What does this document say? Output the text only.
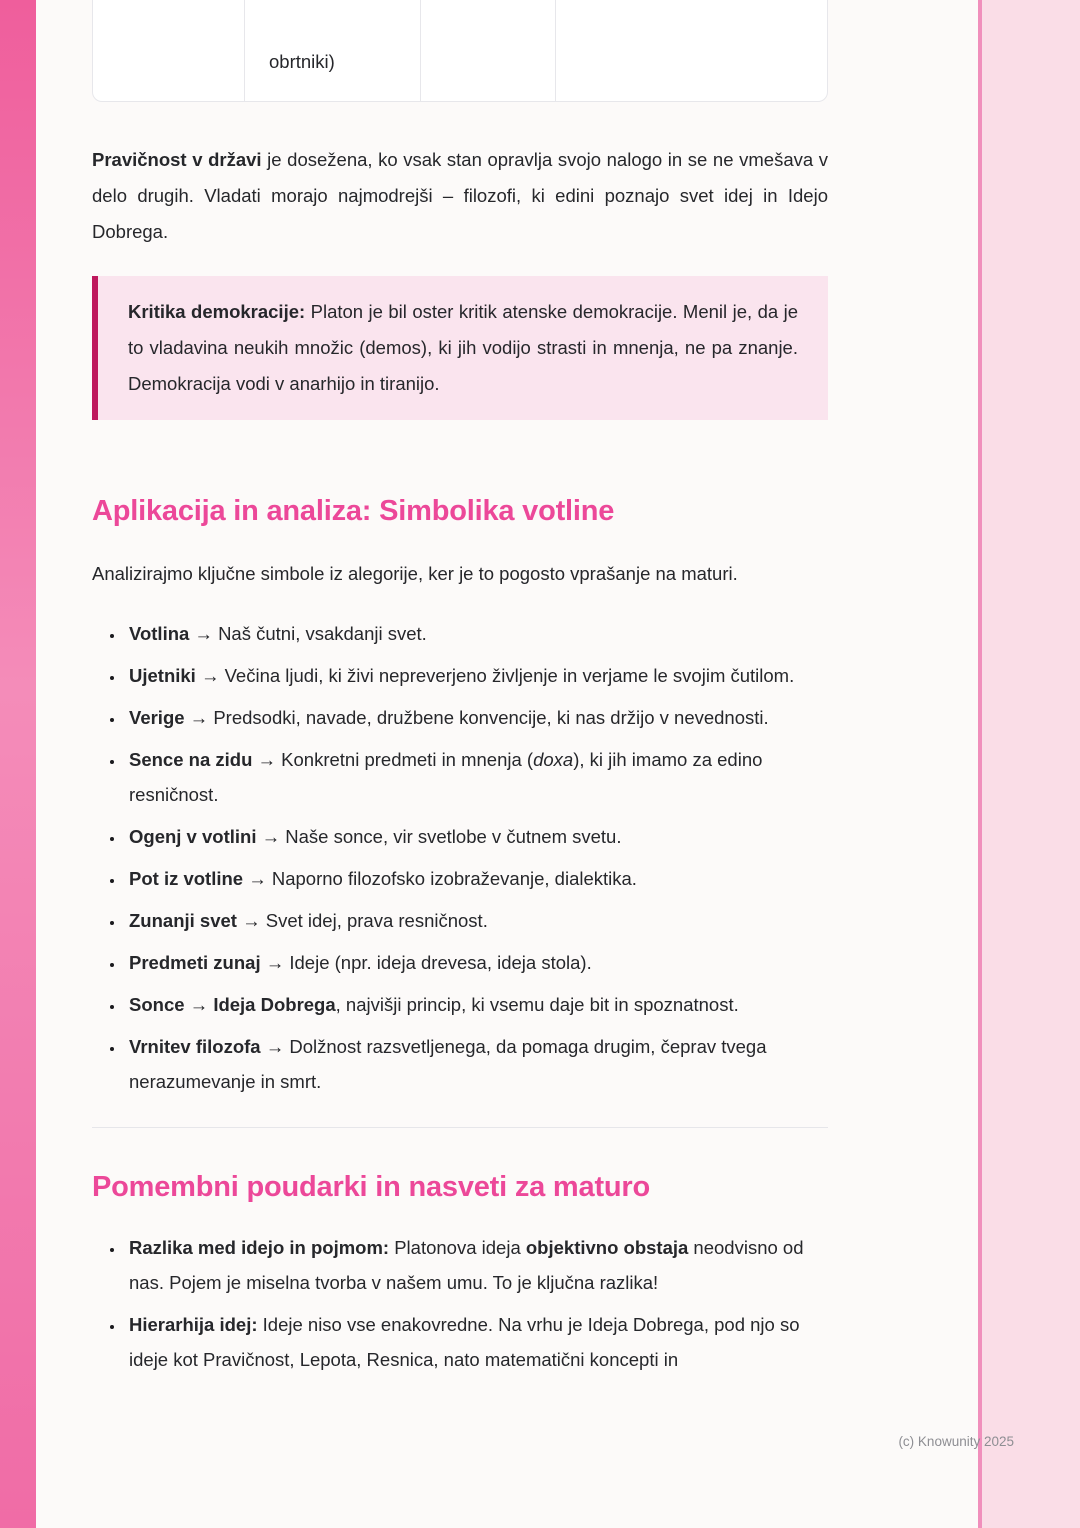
obrtniki)

Pravičnost v državi je dosežena, ko vsak stan opravlja svojo nalogo in se ne vmešava v delo drugih. Vladati morajo najmodrejši – filozofi, ki edini poznajo svet idej in Idejo Dobrega.

Kritika demokracije: Platon je bil oster kritik atenske demokracije. Menil je, da je to vladavina neukih množic (demos), ki jih vodijo strasti in mnenja, ne pa znanje. Demokracija vodi v anarhijo in tiranijo.

Aplikacija in analiza: Simbolika votline

Analizirajmo ključne simbole iz alegorije, ker je to pogosto vprašanje na maturi.

• Votlina → Naš čutni, vsakdanji svet.
• Ujetniki → Večina ljudi, ki živi nepreverjeno življenje in verjame le svojim čutilom.
• Verige → Predsodki, navade, družbene konvencije, ki nas držijo v nevednosti.
• Sence na zidu → Konkretni predmeti in mnenja (doxa), ki jih imamo za edino resničnost.
• Ogenj v votlini → Naše sonce, vir svetlobe v čutnem svetu.
• Pot iz votline → Naporno filozofsko izobraževanje, dialektika.
• Zunanji svet → Svet idej, prava resničnost.
• Predmeti zunaj → Ideje (npr. ideja drevesa, ideja stola).
• Sonce → Ideja Dobrega, najvišji princip, ki vsemu daje bit in spoznatnost.
• Vrnitev filozofa → Dolžnost razsvetljenega, da pomaga drugim, čeprav tvega nerazumevanje in smrt.
Pomembni poudarki in nasveti za maturo
• Razlika med idejo in pojmom: Platonova ideja objektivno obstaja neodvisno od nas. Pojem je miselna tvorba v našem umu. To je ključna razlika!
• Hierarhija idej: Ideje niso vse enakovredne. Na vrhu je Ideja Dobrega, pod njo so ideje kot Pravičnost, Lepota, Resnica, nato matematični koncepti in
(c) Knowunity 2025
